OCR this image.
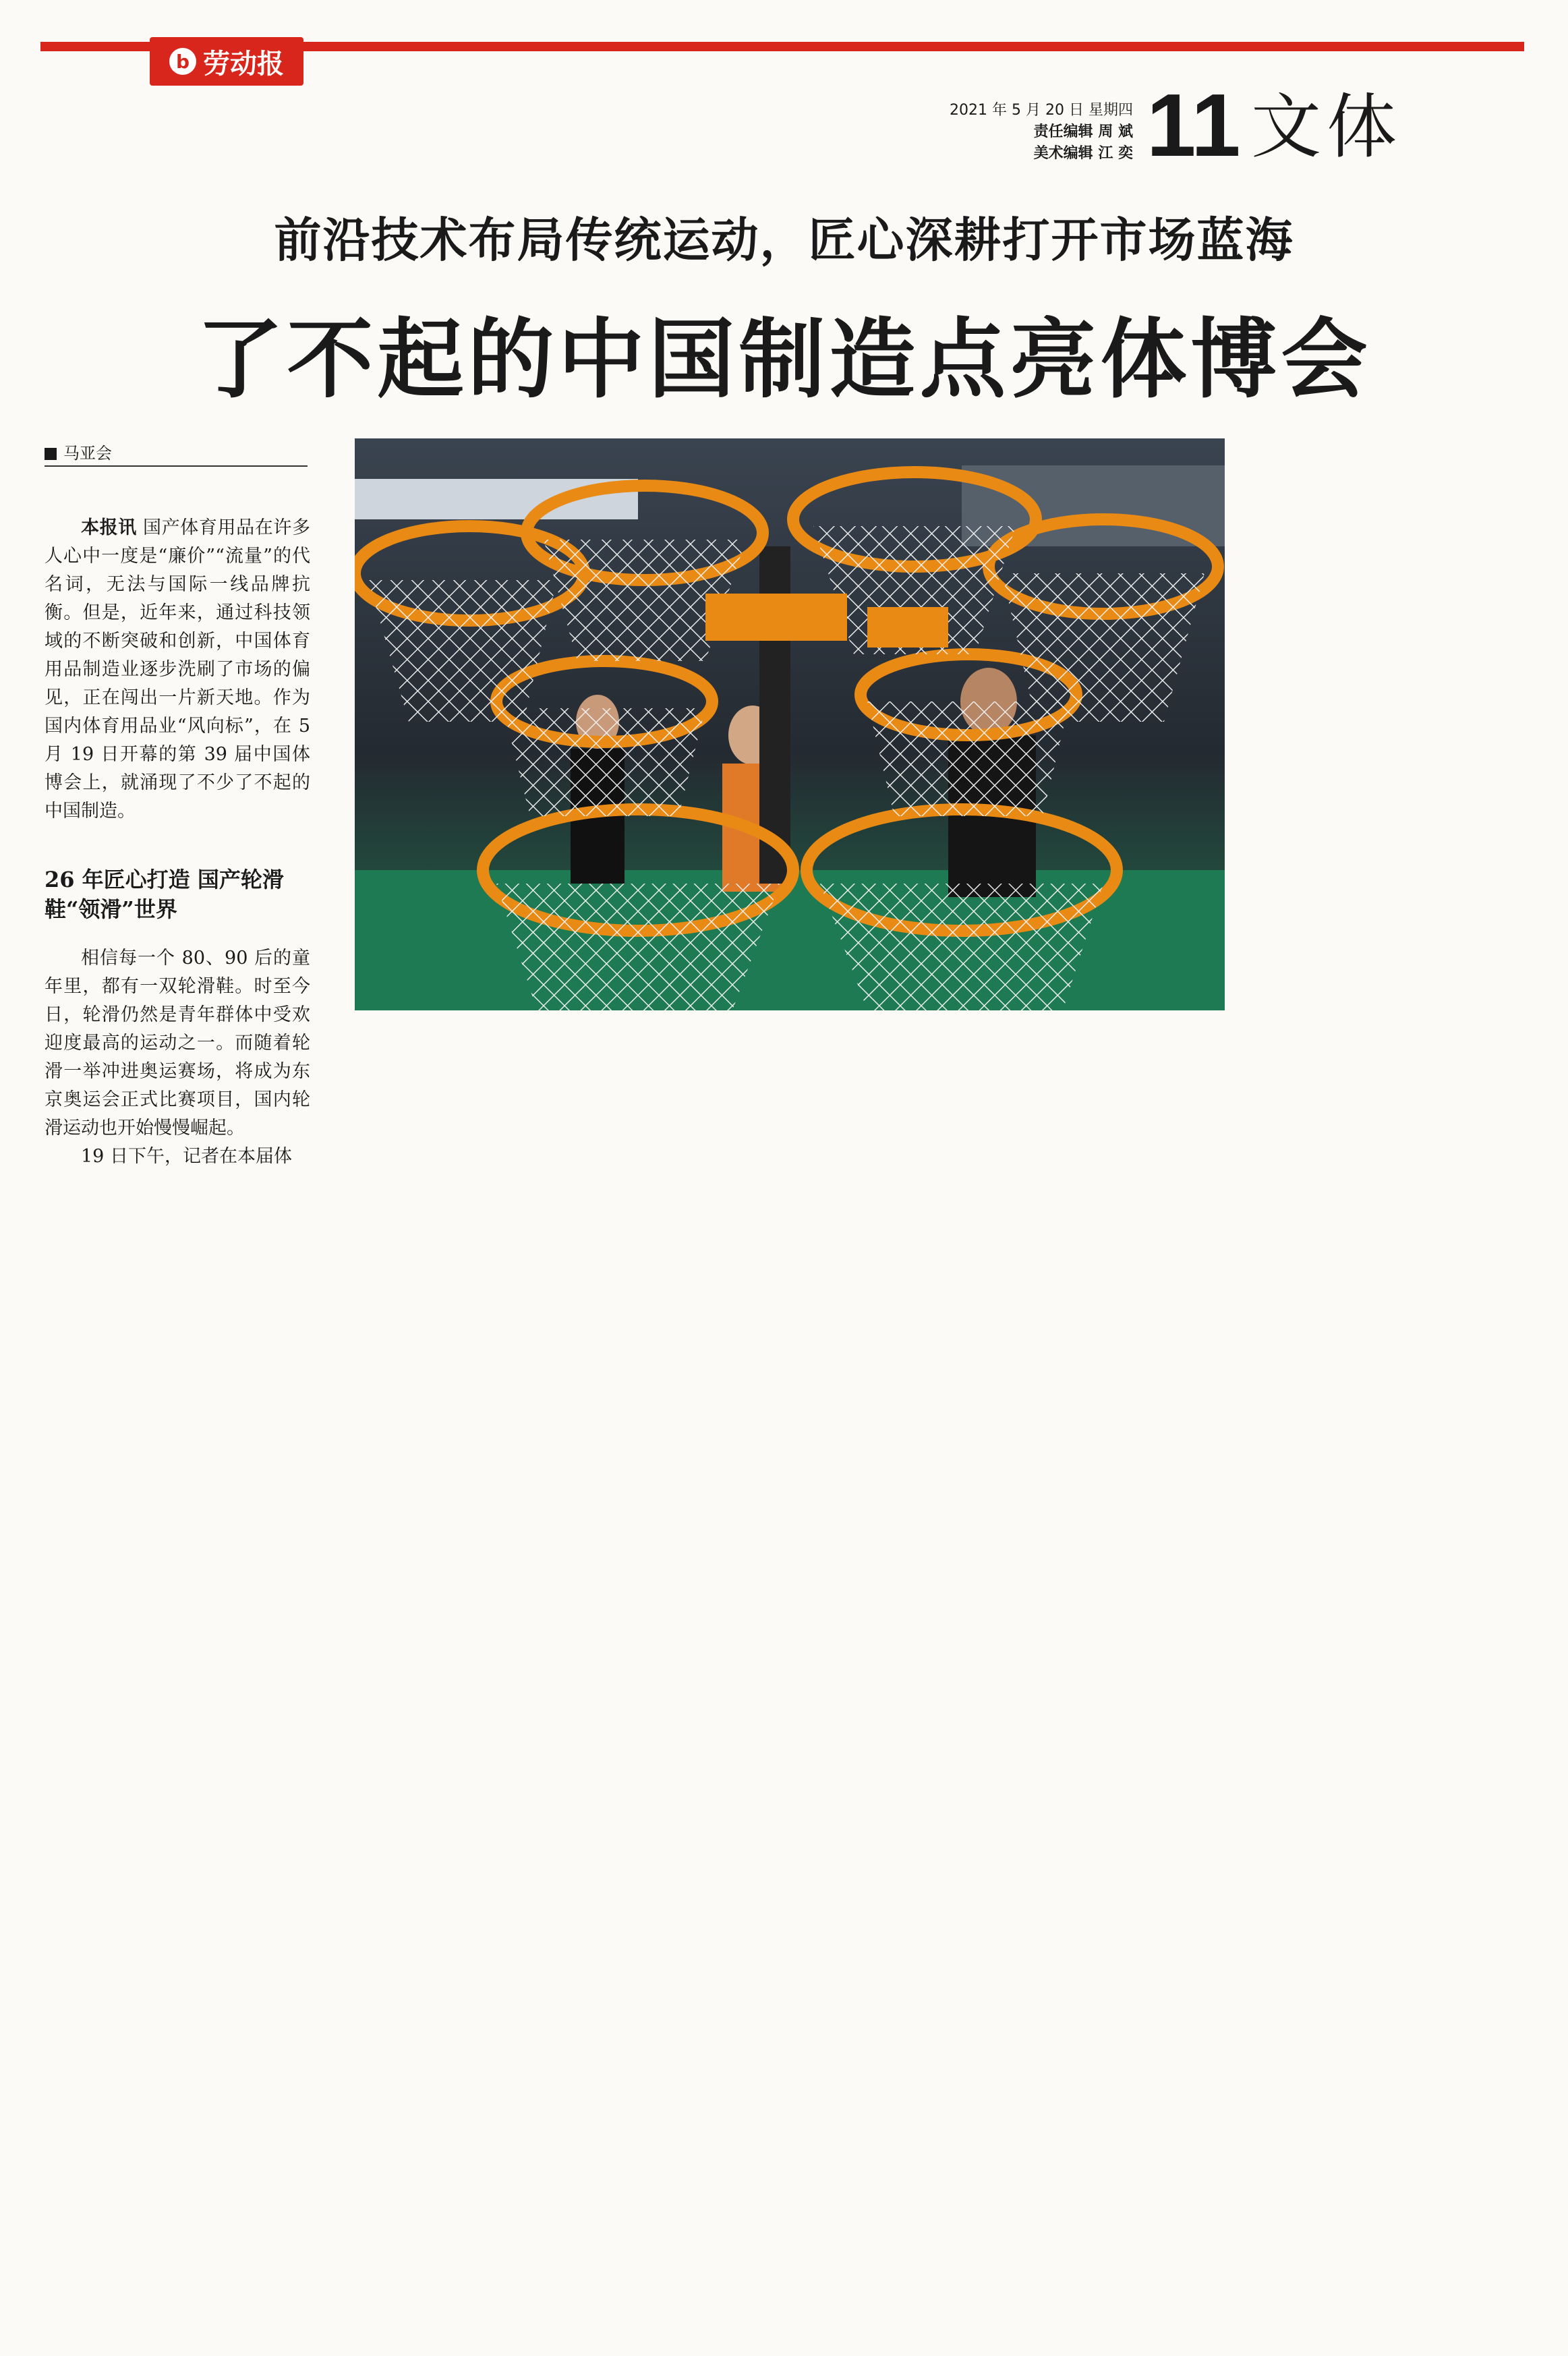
b 劳动报
2021 年 5 月 20 日 星期四
责任编辑 周 斌
美术编辑 江 奕 11 文体
前沿技术布局传统运动，匠心深耕打开市场蓝海
了不起的中国制造点亮体博会
马亚会

本报讯 国产体育用品在许多人心中一度是“廉价”“流量”的代名词，无法与国际一线品牌抗衡。但是，近年来，通过科技领域的不断突破和创新，中国体育用品制造业逐步洗刷了市场的偏见，正在闯出一片新天地。作为国内体育用品业“风向标”，在 5 月 19 日开幕的第 39 届中国体博会上，就涌现了不少了不起的中国制造。

26 年匠心打造 国产轮滑鞋“领滑”世界

相信每一个 80、90 后的童年里，都有一双轮滑鞋。时至今日，轮滑仍然是青年群体中受欢迎度最高的运动之一。而随着轮滑一举冲进奥运赛场，将成为东京奥运会正式比赛项目，国内轮滑运动也开始慢慢崛起。

19 日下午，记者在本届体
